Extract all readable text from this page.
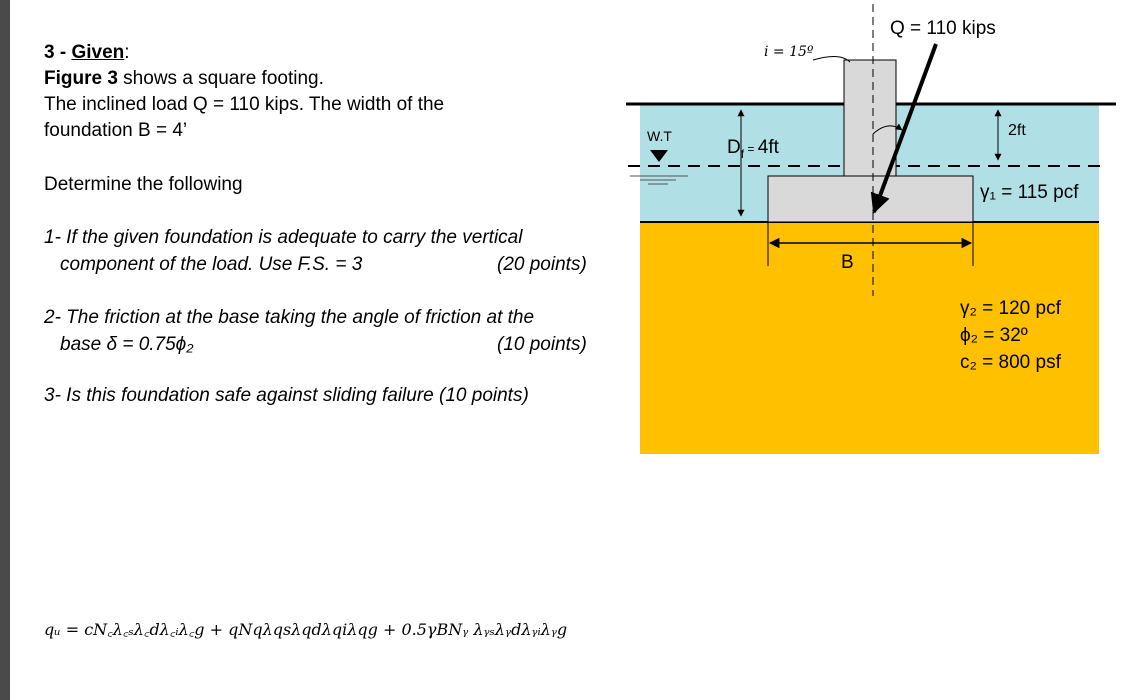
3 - Given:
Figure 3 shows a square footing.
The inclined load Q = 110 kips. The width of the
foundation B = 4’
Determine the following
1- If the given foundation is adequate to carry the vertical
component of the load. Use F.S. = 3	(20 points)
2- The friction at the base taking the angle of friction at the
base δ = 0.75ϕ₂	(10 points)
3- Is this foundation safe against sliding failure (10 points)
qᵤ = cN꜀λ꜀ₛλ꜀dλ꜀ᵢλ꜀g + qNqλqsλqdλqiλqg + 0.5γBNᵧ λᵧₛλᵧdλᵧᵢλᵧg
W.T
Q = 110 kips
i = 15º
$D_f$ = 4ft
2ft
γ₁ = 115 pcf
B
γ₂ = 120 pcf
ϕ₂ = 32º
c₂ = 800 psf
